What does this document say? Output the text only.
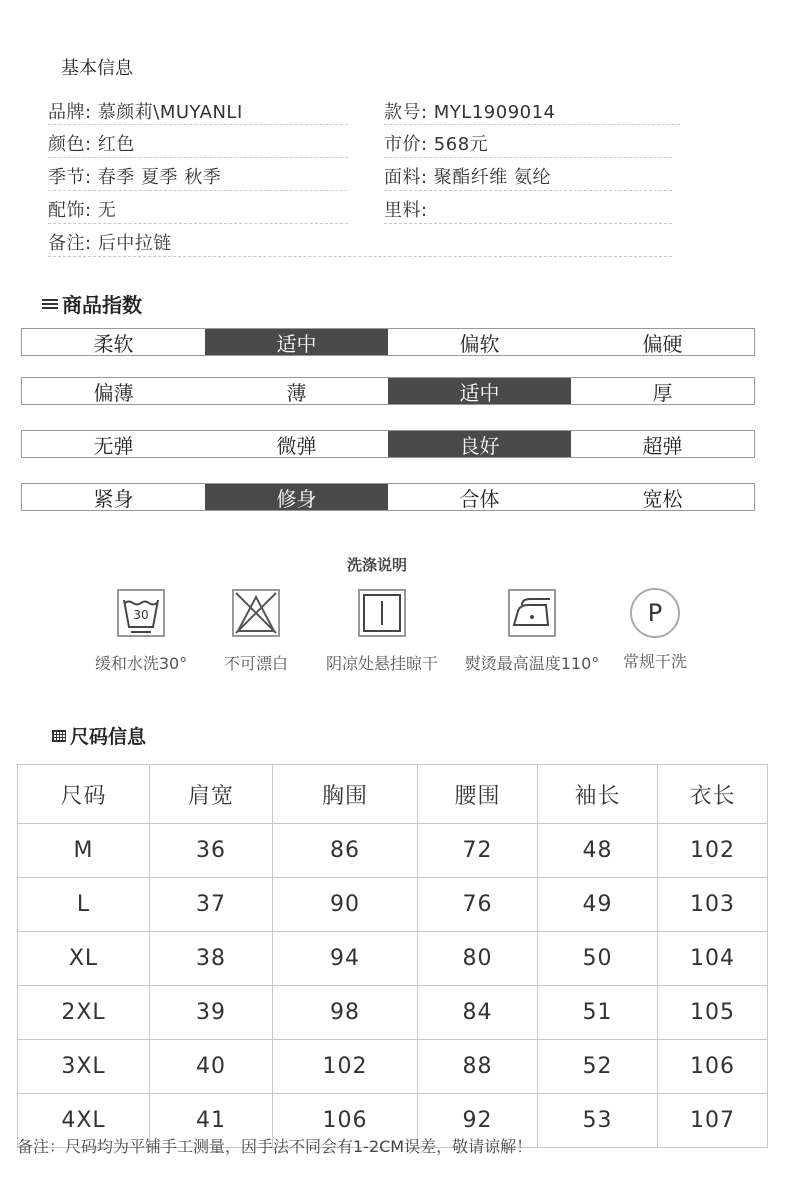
基本信息
品牌: 慕颜莉\MUYANLI	款号: MYL1909014
颜色: 红色	市价: 568元
季节: 春季 夏季 秋季	面料: 聚酯纤维 氨纶
配饰: 无	里料:
备注: 后中拉链
商品指数
柔软	适中	偏软	偏硬
偏薄	薄	适中	厚
无弹	微弹	良好	超弹
紧身	修身	合体	宽松
洗涤说明
30
缓和水洗30° 不可漂白 阴凉处悬挂晾干 熨烫最高温度110°
P
常规干洗
尺码信息
尺码	肩宽	胸围	腰围	袖长	衣长
M	36	86	72	48	102
L	37	90	76	49	103
XL	38	94	80	50	104
2XL	39	98	84	51	105
3XL	40	102	88	52	106
4XL	41	106	92	53	107
备注：尺码均为平铺手工测量，因手法不同会有1-2CM误差，敬请谅解！
